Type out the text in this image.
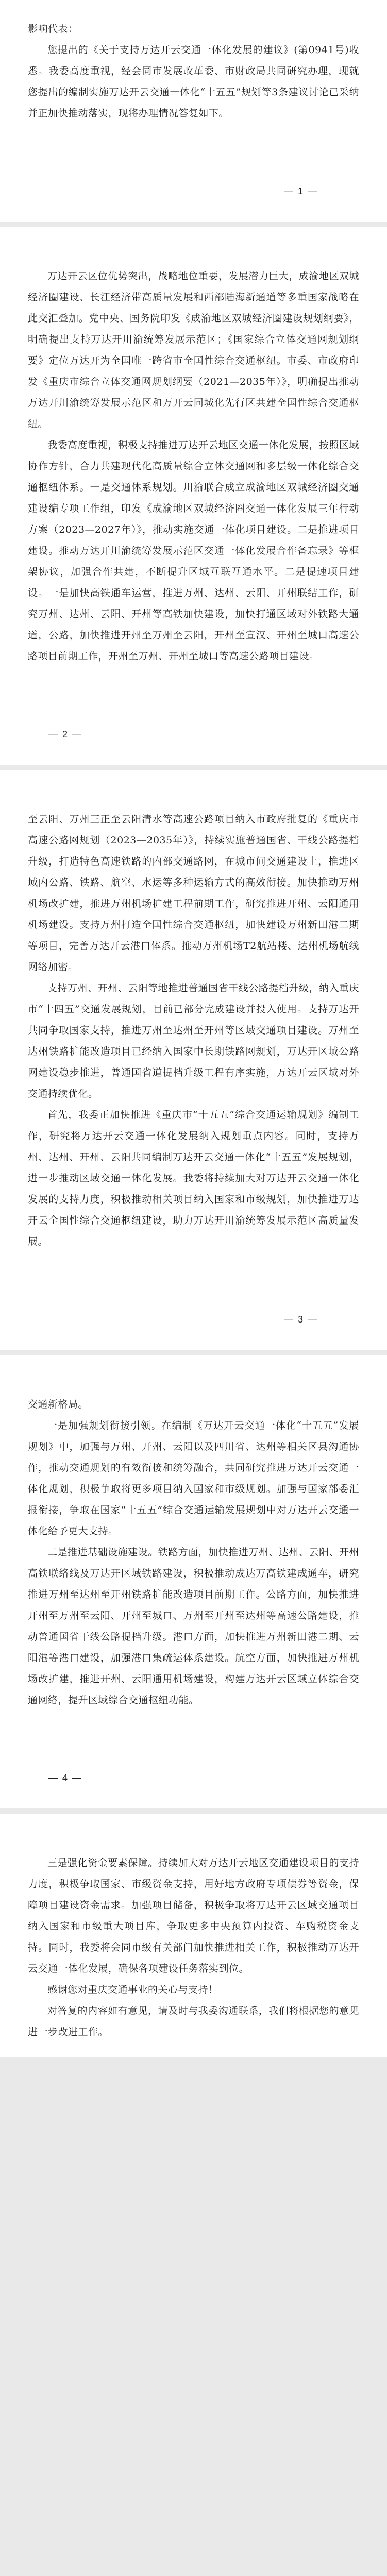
影响代表：

您提出的《关于支持万达开云交通一体化发展的建议》(第0941号)收悉。我委高度重视，经会同市发展改革委、市财政局共同研究办理，现就您提出的编制实施万达开云交通一体化“十五五”规划等3条建议讨论已采纳并正加快推动落实，现将办理情况答复如下。

— 1 —

万达开云区位优势突出，战略地位重要，发展潜力巨大，成渝地区双城经济圈建设、长江经济带高质量发展和西部陆海新通道等多重国家战略在此交汇叠加。党中央、国务院印发《成渝地区双城经济圈建设规划纲要》，明确提出支持万达开川渝统筹发展示范区；《国家综合立体交通网规划纲要》定位万达开为全国唯一跨省市全国性综合交通枢纽。市委、市政府印发《重庆市综合立体交通网规划纲要（2021—2035年）》，明确提出推动万达开川渝统筹发展示范区和万开云同城化先行区共建全国性综合交通枢纽。

我委高度重视，积极支持推进万达开云地区交通一体化发展，按照区域协作方针，合力共建现代化高质量综合立体交通网和多层级一体化综合交通枢纽体系。一是交通体系规划。川渝联合成立成渝地区双城经济圈交通建设编专项工作组，印发《成渝地区双城经济圈交通一体化发展三年行动方案（2023—2027年）》，推动实施交通一体化项目建设。二是推进项目建设。推动万达开川渝统筹发展示范区交通一体化发展合作备忘录》等框架协议，加强合作共建，不断提升区域互联互通水平。二是提速项目建设。一是加快高铁通车运营，推进万州、达州、云阳、开州联结工作，研究万州、达州、云阳、开州等高铁加快建设，加快打通区域对外铁路大通道，公路，加快推进开州至万州至云阳，开州至宣汉、开州至城口高速公路项目前期工作，开州至万州、开州至城口等高速公路项目建设。

— 2 —

至云阳、万州三正至云阳清水等高速公路项目纳入市政府批复的《重庆市高速公路网规划（2023—2035年）》，持续实施普通国省、干线公路提档升级，打造特色高速铁路的内部交通路网，在城市间交通建设上，推进区域内公路、铁路、航空、水运等多种运输方式的高效衔接。加快推动万州机场改扩建，推进万州机场扩建工程前期工作，研究推进开州、云阳通用机场建设。支持万州打造全国性综合交通枢纽，加快建设万州新田港二期等项目，完善万达开云港口体系。推动万州机场T2航站楼、达州机场航线网络加密。

支持万州、开州、云阳等地推进普通国省干线公路提档升级，纳入重庆市“十四五”交通发展规划，目前已部分完成建设并投入使用。支持万达开共同争取国家支持，推进万州至达州至开州等区域交通项目建设。万州至达州铁路扩能改造项目已经纳入国家中长期铁路网规划，万达开区域公路网建设稳步推进，普通国省道提档升级工程有序实施，万达开云区域对外交通持续优化。

首先，我委正加快推进《重庆市“十五五”综合交通运输规划》编制工作，研究将万达开云交通一体化发展纳入规划重点内容。同时，支持万州、达州、开州、云阳共同编制万达开云交通一体化“十五五”发展规划，进一步推动区域交通一体化发展。我委将持续加大对万达开云交通一体化发展的支持力度，积极推动相关项目纳入国家和市级规划，加快推进万达开云全国性综合交通枢纽建设，助力万达开川渝统筹发展示范区高质量发展。

— 3 —

交通新格局。

一是加强规划衔接引领。在编制《万达开云交通一体化“十五五”发展规划》中，加强与万州、开州、云阳以及四川省、达州等相关区县沟通协作，推动交通规划的有效衔接和统筹融合，共同研究推进万达开云交通一体化规划，积极争取将更多项目纳入国家和市级规划。加强与国家部委汇报衔接，争取在国家“十五五”综合交通运输发展规划中对万达开云交通一体化给予更大支持。

二是推进基础设施建设。铁路方面，加快推进万州、达州、云阳、开州高铁联络线及万达开区域铁路建设，积极推动成达万高铁建成通车，研究推进万州至达州至开州铁路扩能改造项目前期工作。公路方面，加快推进开州至万州至云阳、开州至城口、万州至开州至达州等高速公路建设，推动普通国省干线公路提档升级。港口方面，加快推进万州新田港二期、云阳港等港口建设，加强港口集疏运体系建设。航空方面，加快推进万州机场改扩建，推进开州、云阳通用机场建设，构建万达开云区域立体综合交通网络，提升区域综合交通枢纽功能。

— 4 —

三是强化资金要素保障。持续加大对万达开云地区交通建设项目的支持力度，积极争取国家、市级资金支持，用好地方政府专项债券等资金，保障项目建设资金需求。加强项目储备，积极争取将万达开云区域交通项目纳入国家和市级重大项目库，争取更多中央预算内投资、车购税资金支持。同时，我委将会同市级有关部门加快推进相关工作，积极推动万达开云交通一体化发展，确保各项建设任务落实到位。

感谢您对重庆交通事业的关心与支持！

对答复的内容如有意见，请及时与我委沟通联系，我们将根据您的意见进一步改进工作。
